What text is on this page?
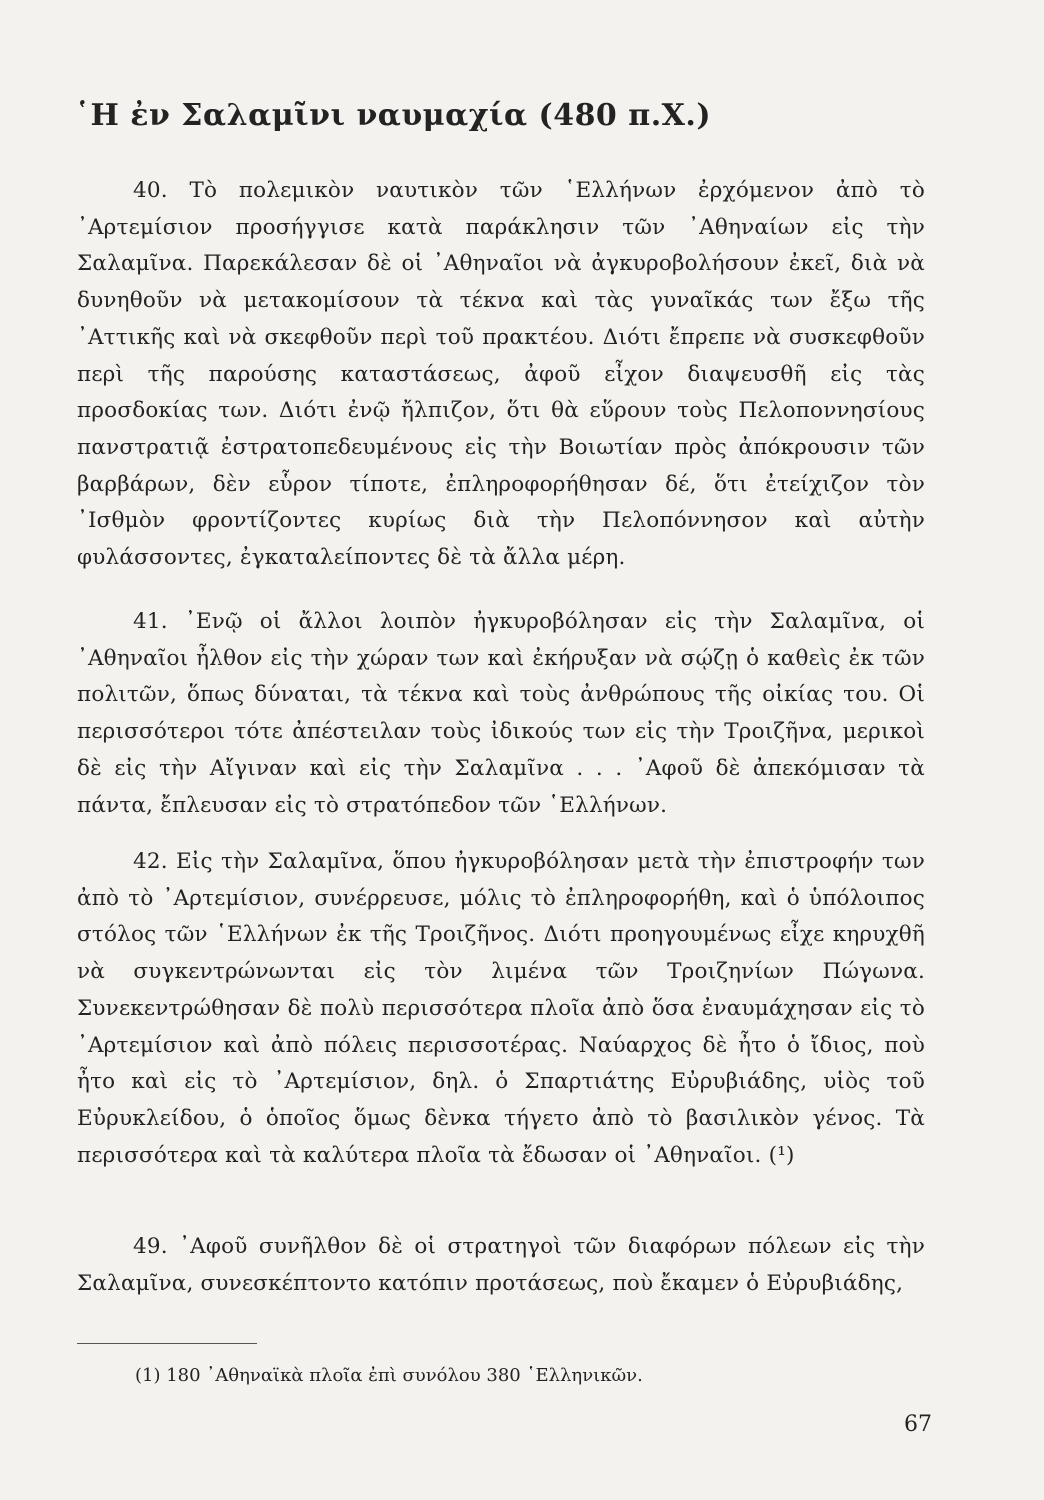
῾Η ἐν Σαλαμῖνι ναυμαχία (480 π.Χ.)
40. Τὸ πολεμικὸν ναυτικὸν τῶν ῾Ελλήνων ἐρχόμενον ἀπὸ τὸ ᾿Αρτεμίσιον προσήγγισε κατὰ παράκλησιν τῶν ᾿Αθηναίων εἰς τὴν Σαλαμῖνα. Παρεκάλεσαν δὲ οἱ ᾿Αθηναῖοι νὰ ἀγκυροβολήσουν ἐκεῖ, διὰ νὰ δυνηθοῦν νὰ μετακομίσουν τὰ τέκνα καὶ τὰς γυναῖκάς των ἔξω τῆς ᾿Αττικῆς καὶ νὰ σκεφθοῦν περὶ τοῦ πρακτέου. Διότι ἔπρεπε νὰ συσκεφθοῦν περὶ τῆς παρούσης καταστάσεως, ἀφοῦ εἶχον διαψευσθῆ εἰς τὰς προσδοκίας των. Διότι ἐνῷ ἤλπιζον, ὅτι θὰ εὕρουν τοὺς Πελοποννησίους πανστρατιᾷ ἐστρατοπεδευμένους εἰς τὴν Βοιωτίαν πρὸς ἀπόκρουσιν τῶν βαρβάρων, δὲν εὗρον τίποτε, ἐπληροφορήθησαν δέ, ὅτι ἐτείχιζον τὸν ᾿Ισθμὸν φροντίζοντες κυρίως διὰ τὴν Πελοπόννησον καὶ αὐτὴν φυλάσσοντες, ἐγκαταλείποντες δὲ τὰ ἄλλα μέρη.
41. ᾿Ενῷ οἱ ἄλλοι λοιπὸν ἠγκυροβόλησαν εἰς τὴν Σαλαμῖνα, οἱ ᾿Αθηναῖοι ἦλθον εἰς τὴν χώραν των καὶ ἐκήρυξαν νὰ σῴζῃ ὁ καθεὶς ἐκ τῶν πολιτῶν, ὅπως δύναται, τὰ τέκνα καὶ τοὺς ἀνθρώπους τῆς οἰκίας του. Οἱ περισσότεροι τότε ἀπέστειλαν τοὺς ἰδικούς των εἰς τὴν Τροιζῆνα, μερικοὶ δὲ εἰς τὴν Αἴγιναν καὶ εἰς τὴν Σαλαμῖνα . . . ᾿Αφοῦ δὲ ἀπεκόμισαν τὰ πάντα, ἔπλευσαν εἰς τὸ στρατόπεδον τῶν ῾Ελλήνων.
42. Εἰς τὴν Σαλαμῖνα, ὅπου ἠγκυροβόλησαν μετὰ τὴν ἐπιστροφήν των ἀπὸ τὸ ᾿Αρτεμίσιον, συνέρρευσε, μόλις τὸ ἐπληροφορήθη, καὶ ὁ ὑπόλοιπος στόλος τῶν ῾Ελλήνων ἐκ τῆς Τροιζῆνος. Διότι προηγουμένως εἶχε κηρυχθῆ νὰ συγκεντρώνωνται εἰς τὸν λιμένα τῶν Τροιζηνίων Πώγωνα. Συνεκεντρώθησαν δὲ πολὺ περισσότερα πλοῖα ἀπὸ ὅσα ἐναυμάχησαν εἰς τὸ ᾿Αρτεμίσιον καὶ ἀπὸ πόλεις περισσοτέρας. Ναύαρχος δὲ ἦτο ὁ ἴδιος, ποὺ ἦτο καὶ εἰς τὸ ᾿Αρτεμίσιον, δηλ. ὁ Σπαρτιάτης Εὐρυβιάδης, υἱὸς τοῦ Εὐρυκλείδου, ὁ ὁποῖος ὅμως δὲνκα τήγετο ἀπὸ τὸ βασιλικὸν γένος. Τὰ περισσότερα καὶ τὰ καλύτερα πλοῖα τὰ ἔδωσαν οἱ ᾿Αθηναῖοι. (¹)
49. ᾿Αφοῦ συνῆλθον δὲ οἱ στρατηγοὶ τῶν διαφόρων πόλεων εἰς τὴν Σαλαμῖνα, συνεσκέπτοντο κατόπιν προτάσεως, ποὺ ἔκαμεν ὁ Εὐρυβιάδης,
(1) 180 ᾿Αθηναϊκὰ πλοῖα ἐπὶ συνόλου 380 ῾Ελληνικῶν.
67
